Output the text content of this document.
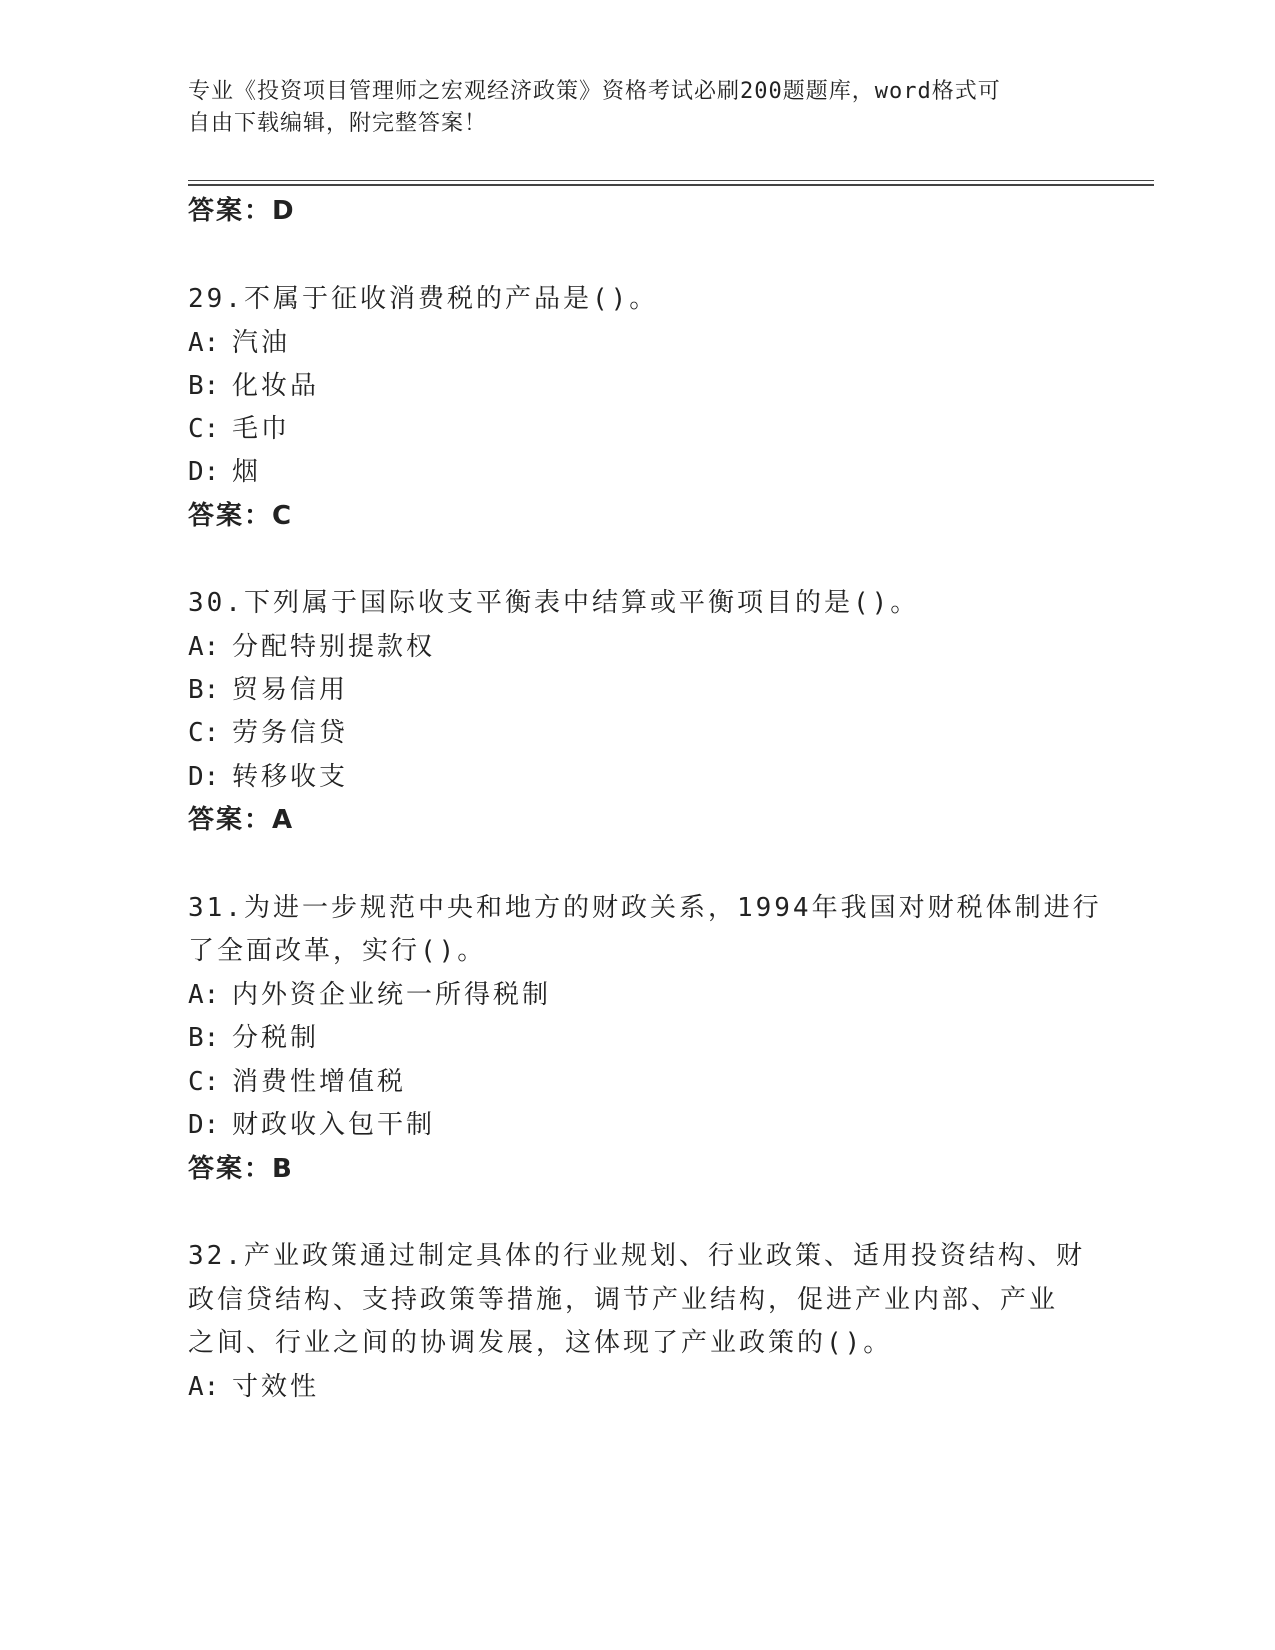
专业《投资项目管理师之宏观经济政策》资格考试必刷200题题库，word格式可
自由下载编辑，附完整答案！
答案：D
29.不属于征收消费税的产品是()。
A: 汽油
B: 化妆品
C: 毛巾
D: 烟
答案：C
30.下列属于国际收支平衡表中结算或平衡项目的是()。
A: 分配特别提款权
B: 贸易信用
C: 劳务信贷
D: 转移收支
答案：A
31.为进一步规范中央和地方的财政关系，1994年我国对财税体制进行
了全面改革，实行()。
A: 内外资企业统一所得税制
B: 分税制
C: 消费性增值税
D: 财政收入包干制
答案：B
32.产业政策通过制定具体的行业规划、行业政策、适用投资结构、财
政信贷结构、支持政策等措施，调节产业结构，促进产业内部、产业
之间、行业之间的协调发展，这体现了产业政策的()。
A: 寸效性
